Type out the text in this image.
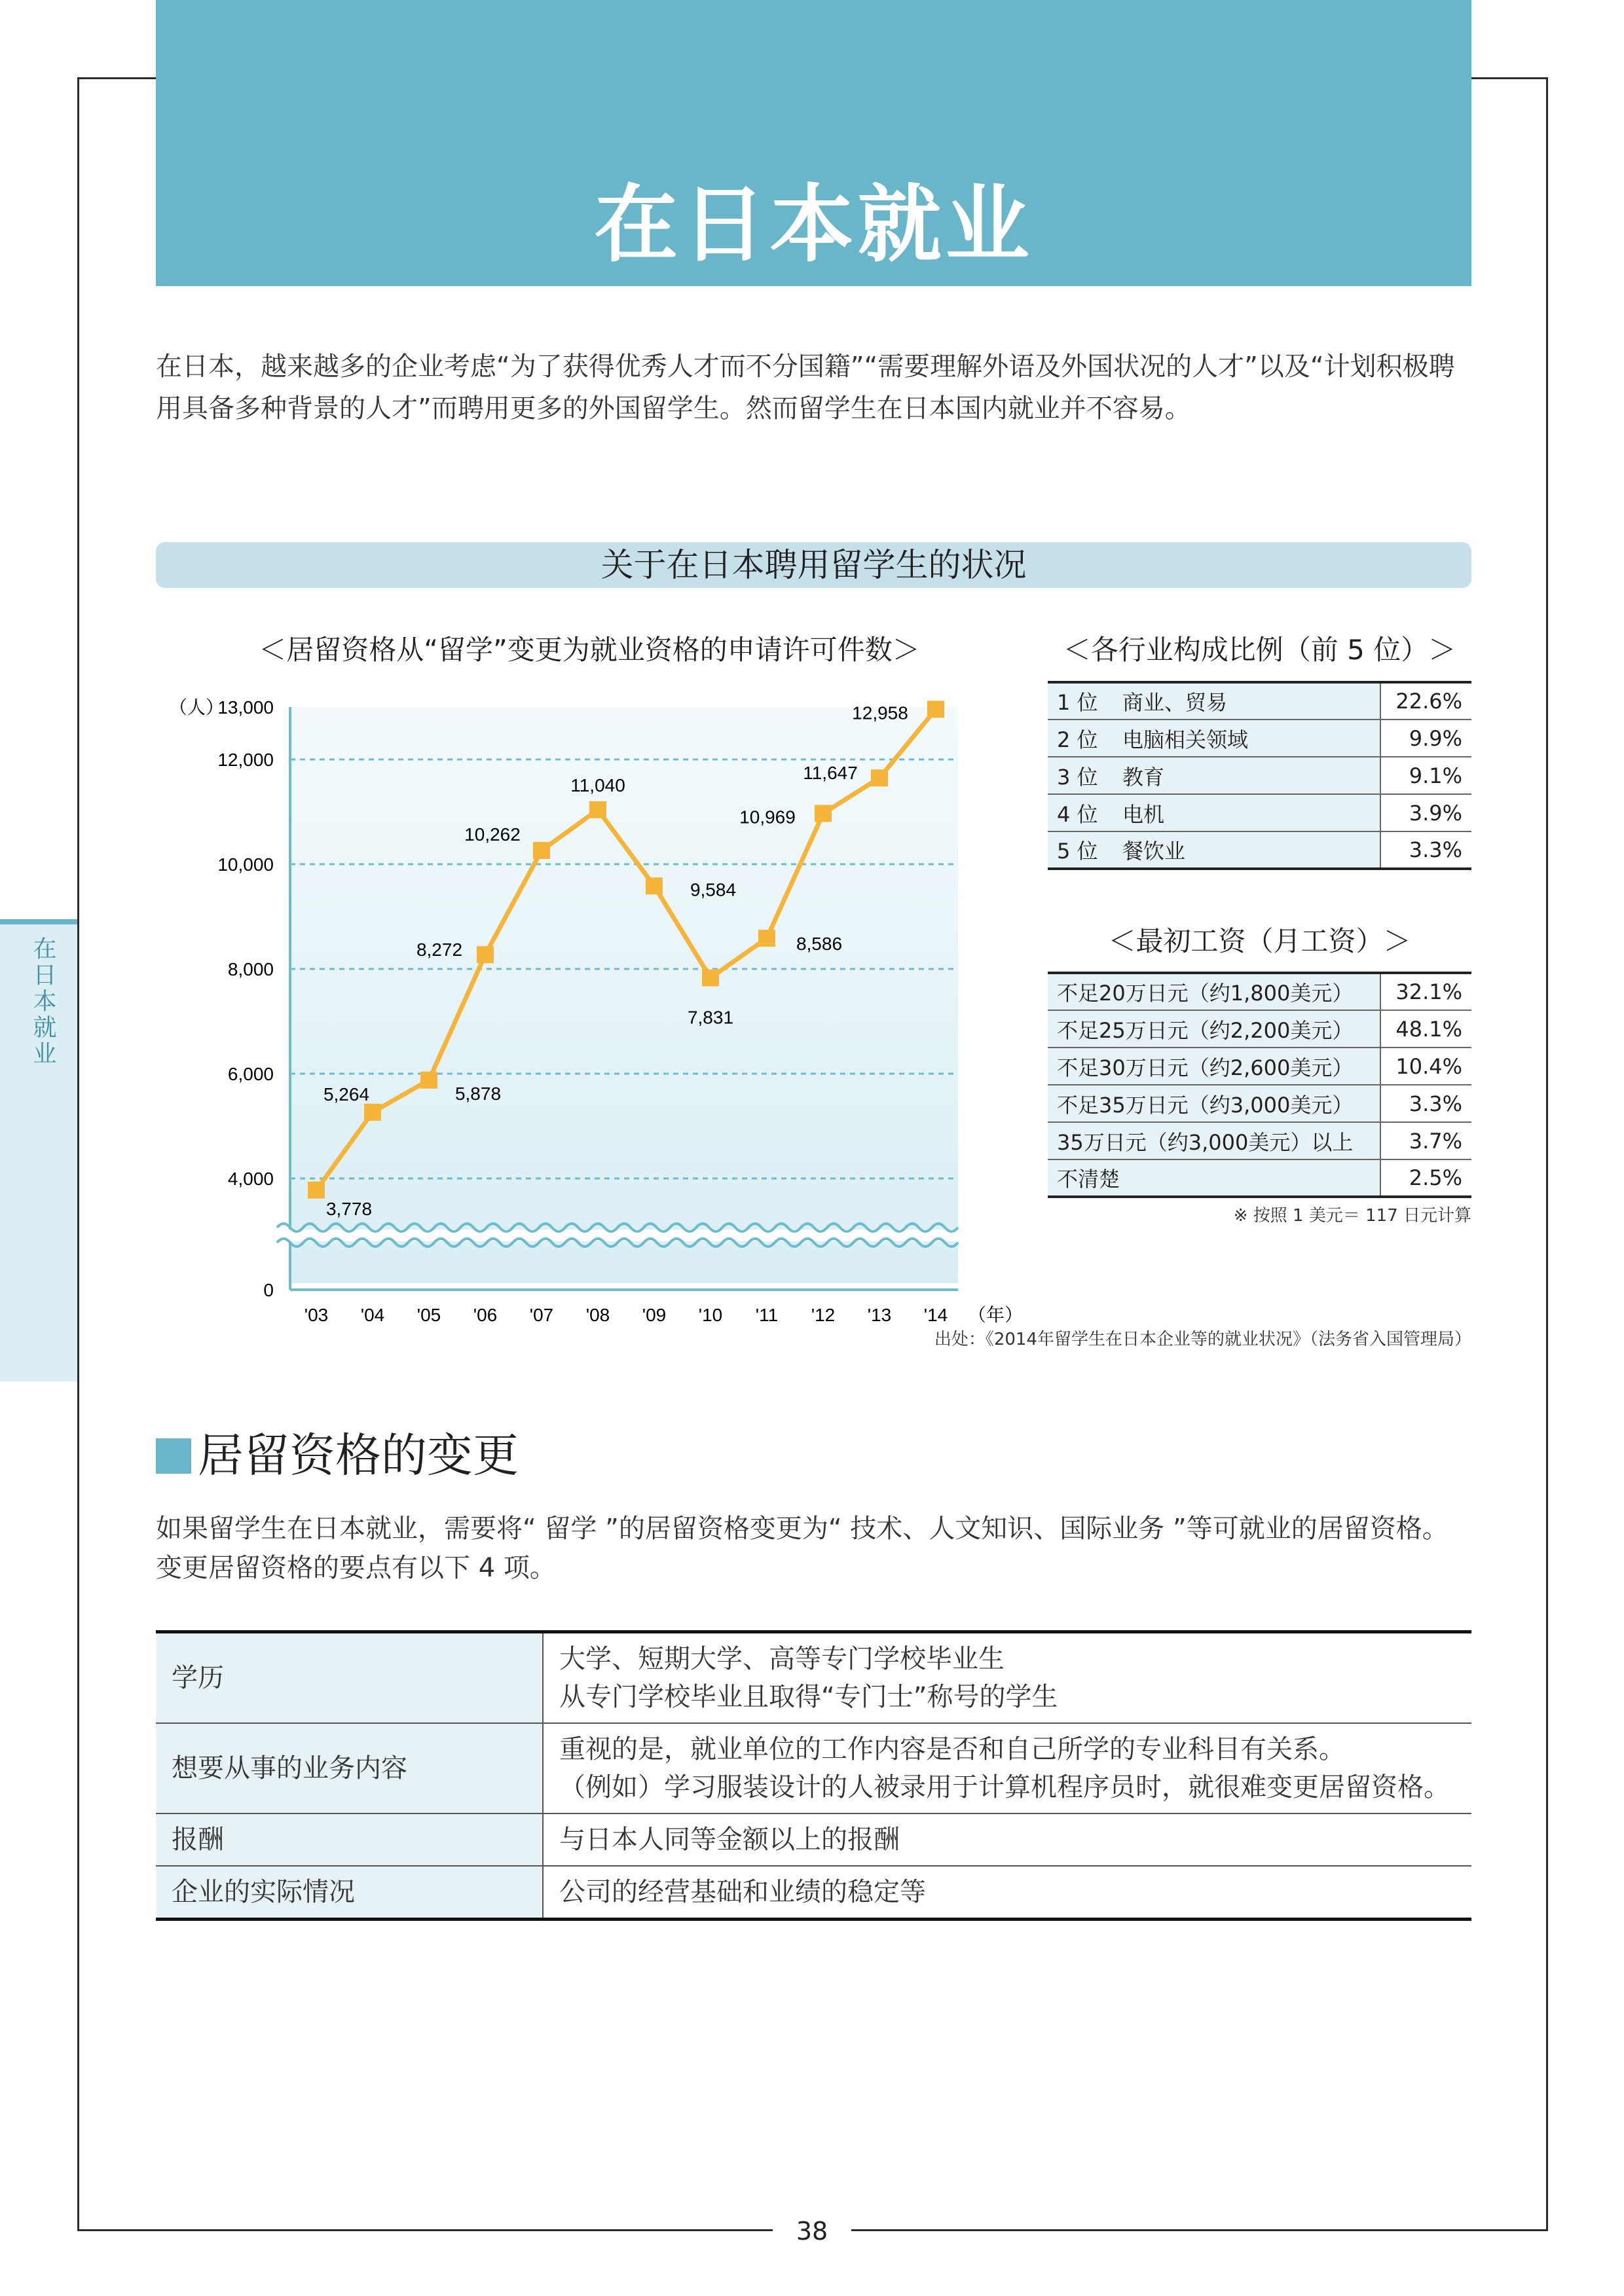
38
在日本就业
在日本就业
在日本，越来越多的企业考虑“为了获得优秀人才而不分国籍”“需要理解外语及外国状况的人才”以及“计划积极聘用具备多种背景的人才”而聘用更多的外国留学生。然而留学生在日本国内就业并不容易。
关于在日本聘用留学生的状况
＜居留资格从“留学”变更为就业资格的申请许可件数＞
0
4,000
6,000
8,000
10,000
12,000
13,000
'03 '04 '05 '06 '07 '08 '09 '10 '11 '12 '13 '14
3,778
5,264	5,878
8,272
10,262
11,040
9,584
7,831
8,586
10,969
11,647
12,958
（人）
（年）
出处：《2014年留学生在日本企业等的就业状况》（法务省入国管理局）
＜各行业构成比例（前 5 位）＞
1 位 商业、贸易	22.6%
2 位 电脑相关领域	9.9%
3 位 教育	9.1%
4 位 电机	3.9%
5 位 餐饮业	3.3%
＜最初工资（月工资）＞
不足20万日元（约1,800美元）	32.1%
不足25万日元（约2,200美元）	48.1%
不足30万日元（约2,600美元）	10.4%
不足35万日元（约3,000美元）	3.3%
35万日元（约3,000美元）以上	3.7%
不清楚	2.5%
※ 按照 1 美元＝ 117 日元计算
居留资格的变更
如果留学生在日本就业，需要将“ 留学 ”的居留资格变更为“ 技术、人文知识、国际业务 ”等可就业的居留资格。变更居留资格的要点有以下 4 项。
学历	大学、短期大学、高等专门学校毕业生
从专门学校毕业且取得“专门士”称号的学生

想要从事的业务内容	重视的是，就业单位的工作内容是否和自己所学的专业科目有关系。
（例如）学习服装设计的人被录用于计算机程序员时，就很难变更居留资格。

报酬	与日本人同等金额以上的报酬

企业的实际情况	公司的经营基础和业绩的稳定等
